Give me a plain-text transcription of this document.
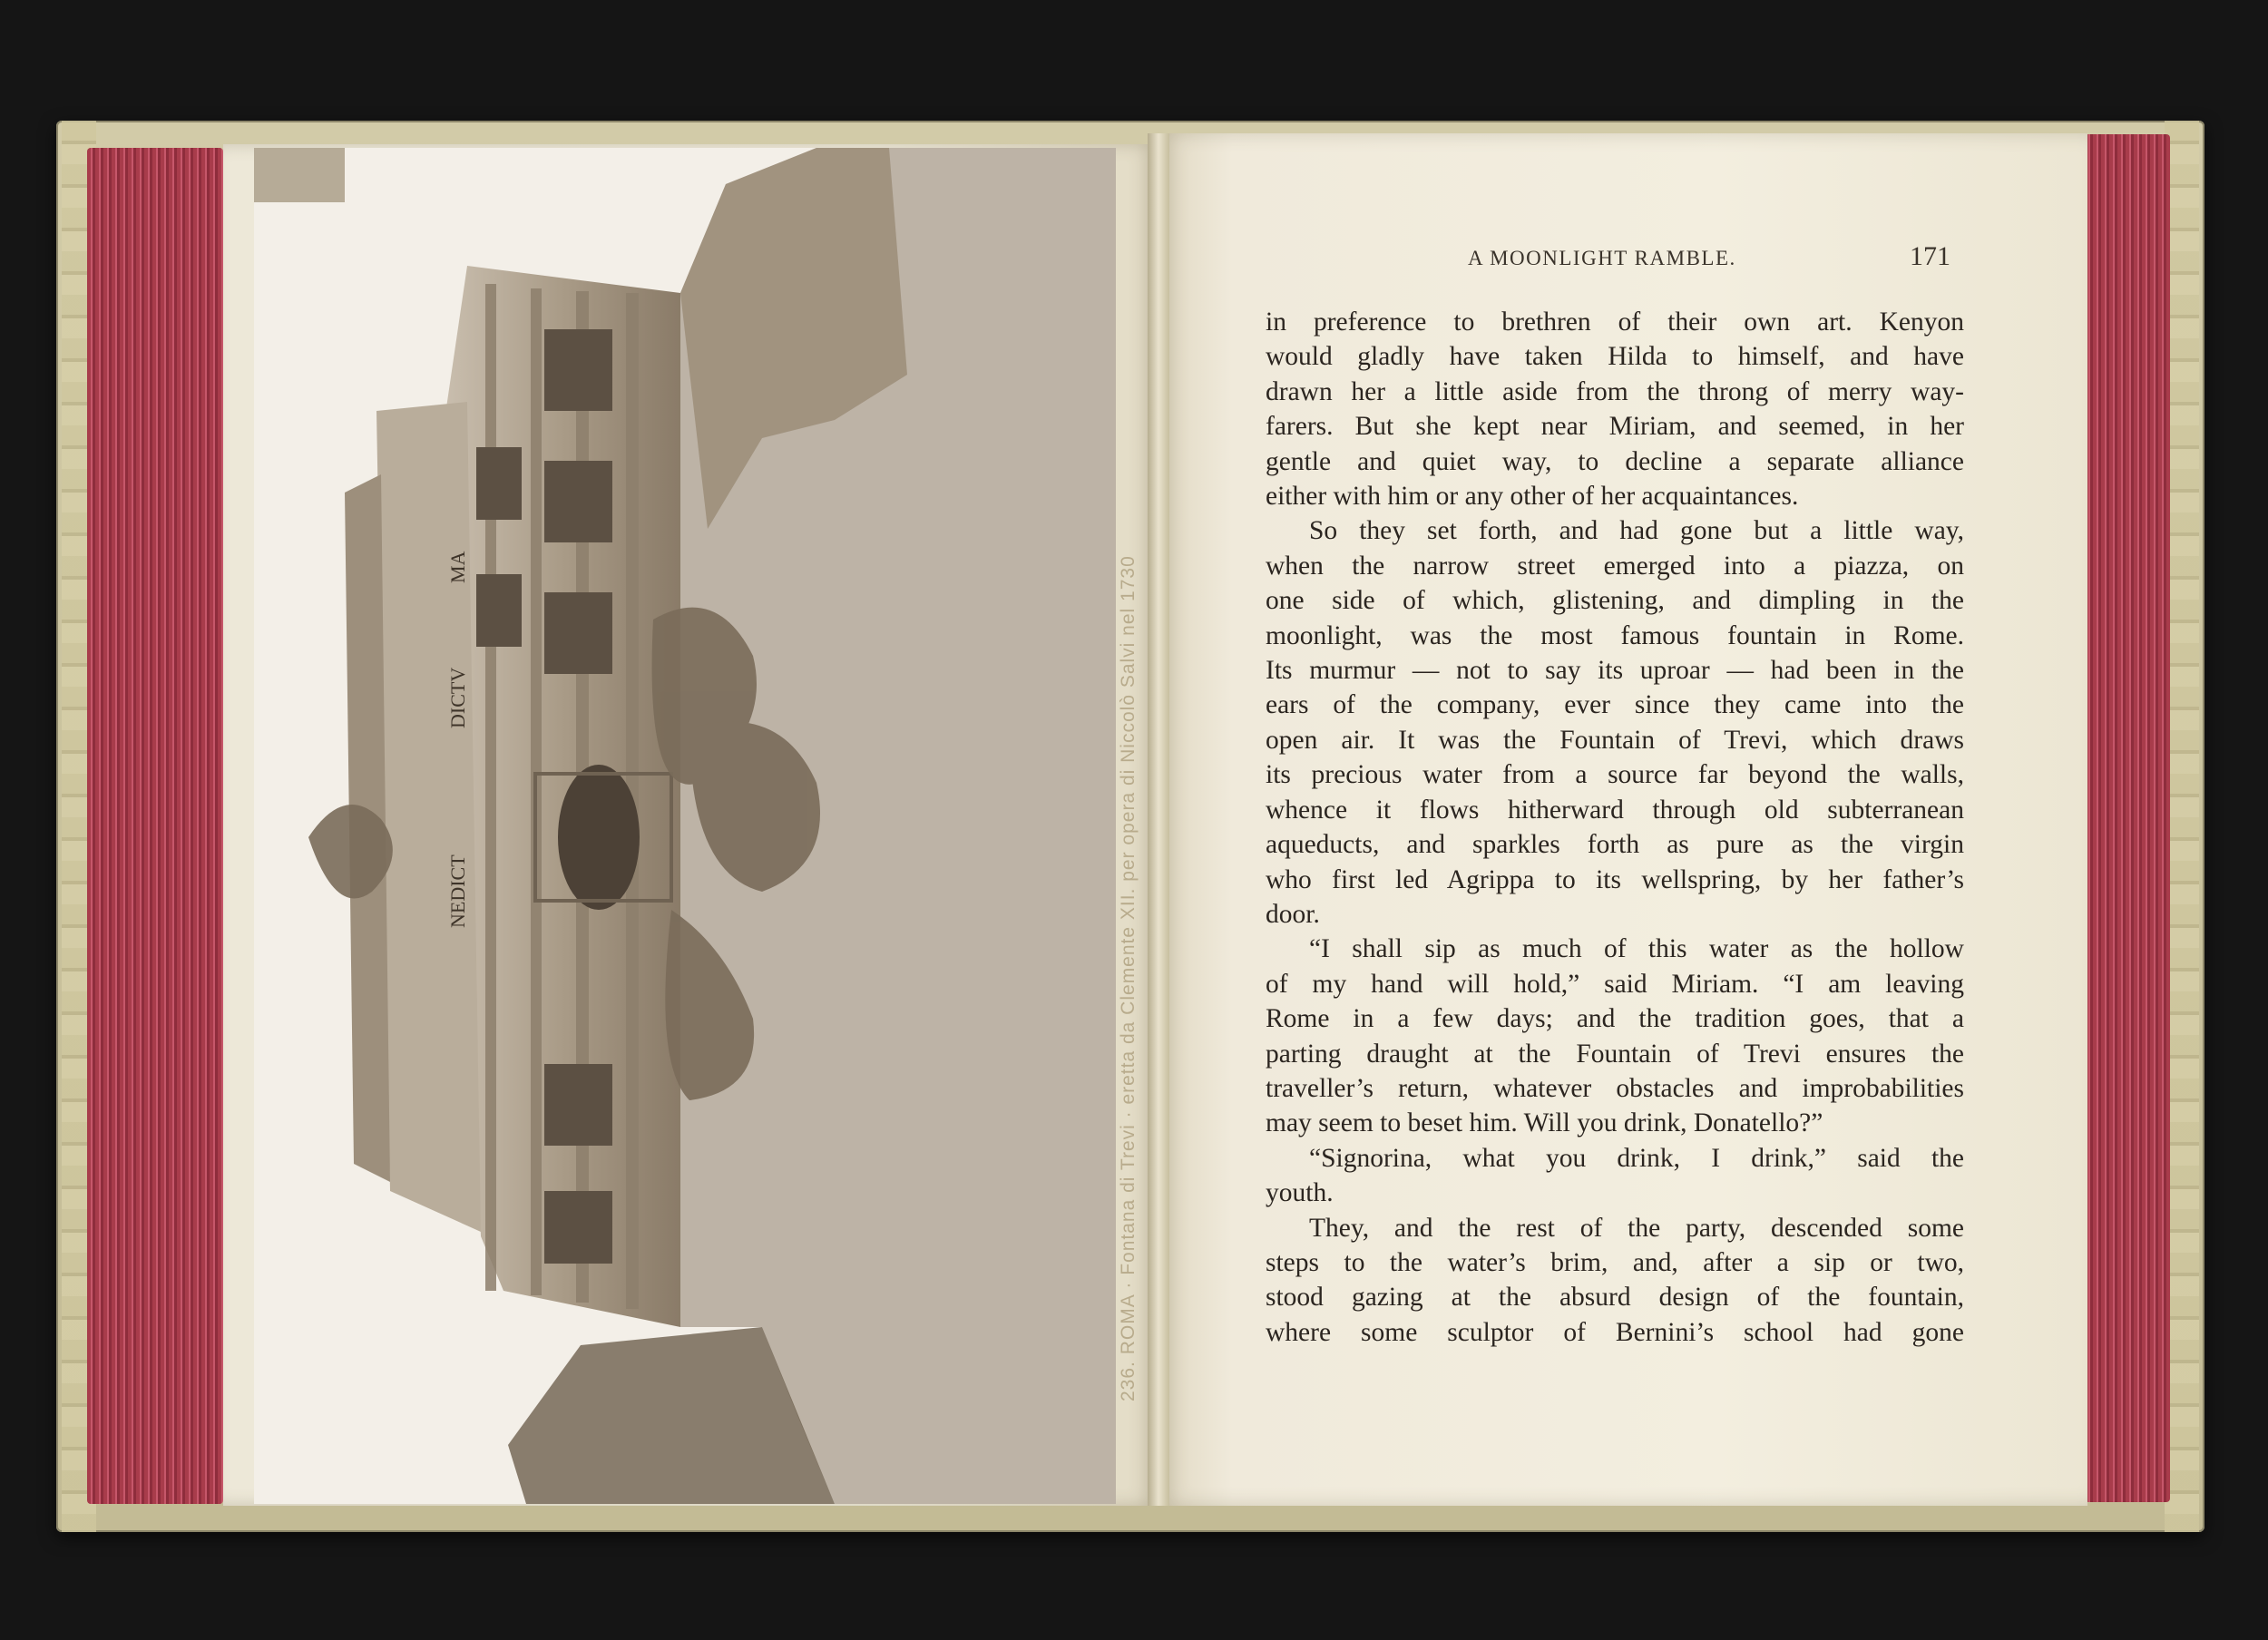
DICTV
NEDICT
MA	236. ROMA · Fontana di Trevi · eretta da Clemente XII. per opera di Niccolò Salvi nel 1730
A MOONLIGHT RAMBLE.	171

in preference to brethren of their own art. Kenyon
would gladly have taken Hilda to himself, and have
drawn her a little aside from the throng of merry way-
farers. But she kept near Miriam, and seemed, in her
gentle and quiet way, to decline a separate alliance
either with him or any other of her acquaintances.

So they set forth, and had gone but a little way,
when the narrow street emerged into a piazza, on
one side of which, glistening, and dimpling in the
moonlight, was the most famous fountain in Rome.
Its murmur — not to say its uproar — had been in the
ears of the company, ever since they came into the
open air. It was the Fountain of Trevi, which draws
its precious water from a source far beyond the walls,
whence it flows hitherward through old subterranean
aqueducts, and sparkles forth as pure as the virgin
who first led Agrippa to its wellspring, by her father’s
door.

“I shall sip as much of this water as the hollow
of my hand will hold,” said Miriam. “I am leaving
Rome in a few days; and the tradition goes, that a
parting draught at the Fountain of Trevi ensures the
traveller’s return, whatever obstacles and improbabilities
may seem to beset him. Will you drink, Donatello?”

“Signorina, what you drink, I drink,” said the
youth.

They, and the rest of the party, descended some
steps to the water’s brim, and, after a sip or two,
stood gazing at the absurd design of the fountain,
where some sculptor of Bernini’s school had gone
